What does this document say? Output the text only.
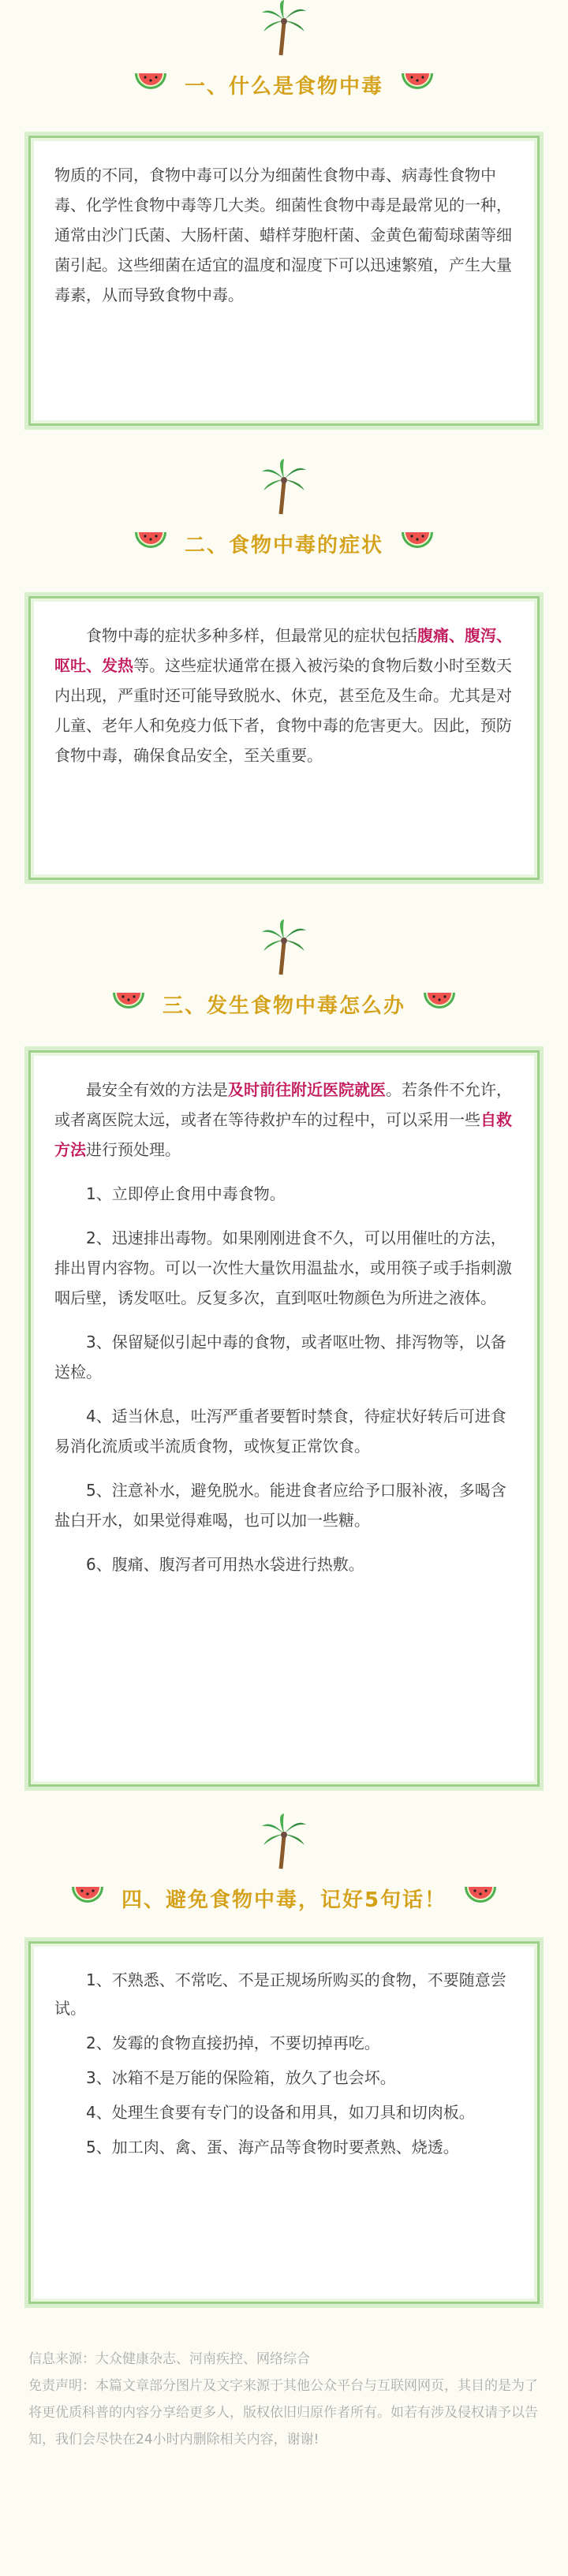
一、什么是食物中毒

物质的不同，食物中毒可以分为细菌性食物中毒、病毒性食物中毒、化学性食物中毒等几大类。细菌性食物中毒是最常见的一种，通常由沙门氏菌、大肠杆菌、蜡样芽胞杆菌、金黄色葡萄球菌等细菌引起。这些细菌在适宜的温度和湿度下可以迅速繁殖，产生大量毒素，从而导致食物中毒。

二、食物中毒的症状

食物中毒的症状多种多样，但最常见的症状包括腹痛、腹泻、呕吐、发热等。这些症状通常在摄入被污染的食物后数小时至数天内出现，严重时还可能导致脱水、休克，甚至危及生命。尤其是对儿童、老年人和免疫力低下者，食物中毒的危害更大。因此，预防食物中毒，确保食品安全，至关重要。

三、发生食物中毒怎么办

最安全有效的方法是及时前往附近医院就医。若条件不允许，或者离医院太远，或者在等待救护车的过程中，可以采用一些自救方法进行预处理。

1、立即停止食用中毒食物。

2、迅速排出毒物。如果刚刚进食不久，可以用催吐的方法，排出胃内容物。可以一次性大量饮用温盐水，或用筷子或手指刺激咽后壁，诱发呕吐。反复多次，直到呕吐物颜色为所进之液体。

3、保留疑似引起中毒的食物，或者呕吐物、排泻物等，以备送检。

4、适当休息，吐泻严重者要暂时禁食，待症状好转后可进食易消化流质或半流质食物，或恢复正常饮食。

5、注意补水，避免脱水。能进食者应给予口服补液，多喝含盐白开水，如果觉得难喝，也可以加一些糖。

6、腹痛、腹泻者可用热水袋进行热敷。

四、避免食物中毒，记好5句话！

1、不熟悉、不常吃、不是正规场所购买的食物，不要随意尝试。

2、发霉的食物直接扔掉，不要切掉再吃。

3、冰箱不是万能的保险箱，放久了也会坏。

4、处理生食要有专门的设备和用具，如刀具和切肉板。

5、加工肉、禽、蛋、海产品等食物时要煮熟、烧透。

信息来源：大众健康杂志、河南疾控、网络综合

免责声明：本篇文章部分图片及文字来源于其他公众平台与互联网网页，其目的是为了将更优质科普的内容分享给更多人，版权依旧归原作者所有。如若有涉及侵权请予以告知，我们会尽快在24小时内删除相关内容，谢谢!
